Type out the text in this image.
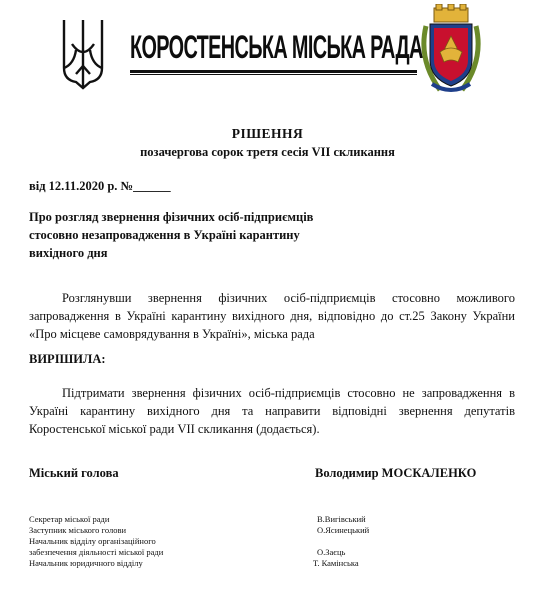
КОРОСТЕНСЬКА МІСЬКА РАДА
РІШЕННЯ
позачергова сорок третя сесія VІІ скликання
від 12.11.2020 р. №______
Про розгляд звернення фізичних осіб-підприємців
стосовно незапровадження в Україні карантину
вихідного дня
Розглянувши звернення фізичних осіб-підприємців стосовно можливого запровадження в Україні карантину вихідного дня, відповідно до ст.25 Закону України «Про місцеве самоврядування в Україні», міська рада
ВИРІШИЛА:
Підтримати звернення фізичних осіб-підприємців стосовно не запровадження в Україні карантину вихідного дня та направити відповідні звернення депутатів Коростенської міської ради VII скликання (додається).
Міський голова	Володимир МОСКАЛЕНКО
Секретар міської ради
Заступник міського голови
Начальник відділу організаційного
забезпечення діяльності міської ради
Начальник юридичного відділу
В.Вигівський
О.Ясинецький
О.Заєць
Т. Камінська
